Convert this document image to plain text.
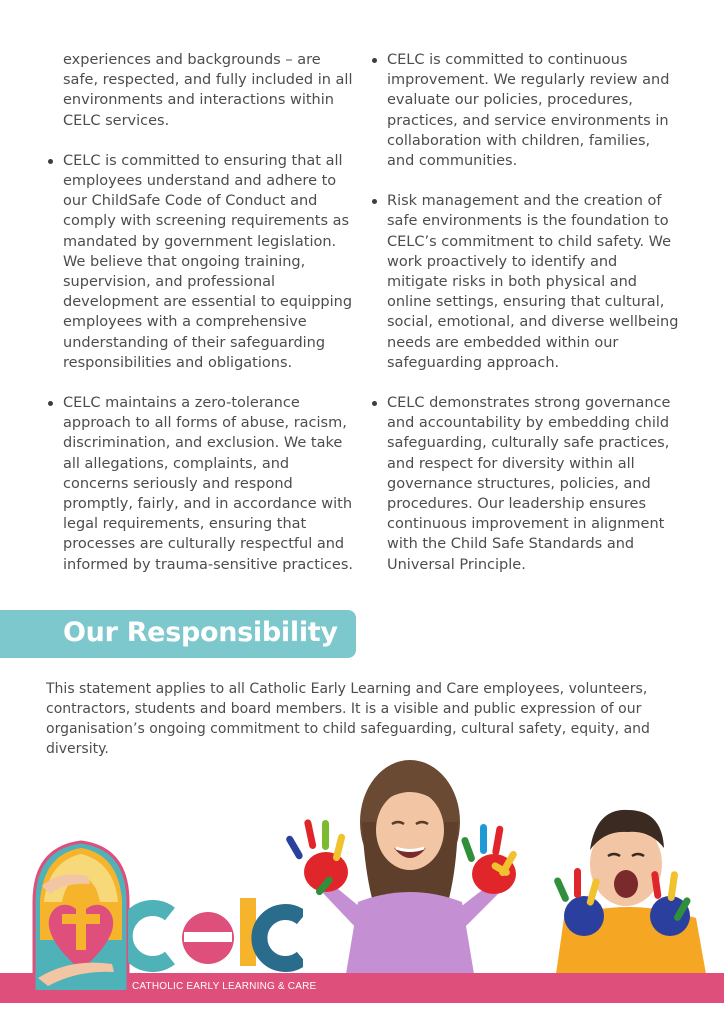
experiences and backgrounds – are safe, respected, and fully included in all environments and interactions within CELC services.

CELC is committed to ensuring that all employees understand and adhere to our ChildSafe Code of Conduct and comply with screening requirements as mandated by government legislation. We believe that ongoing training, supervision, and professional development are essential to equipping employees with a comprehensive understanding of their safeguarding responsibilities and obligations.
CELC maintains a zero-tolerance approach to all forms of abuse, racism, discrimination, and exclusion. We take all allegations, complaints, and concerns seriously and respond promptly, fairly, and in accordance with legal requirements, ensuring that processes are culturally respectful and informed by trauma-sensitive practices.
CELC is committed to continuous improvement. We regularly review and evaluate our policies, procedures, practices, and service environments in collaboration with children, families, and communities.
Risk management and the creation of safe environments is the foundation to CELC’s commitment to child safety. We work proactively to identify and mitigate risks in both physical and online settings, ensuring that cultural, social, emotional, and diverse wellbeing needs are embedded within our safeguarding approach.
CELC demonstrates strong governance and accountability by embedding child safeguarding, culturally safe practices, and respect for diversity within all governance structures, policies, and procedures. Our leadership ensures continuous improvement in alignment with the Child Safe Standards and Universal Principle.
Our Responsibility

This statement applies to all Catholic Early Learning and Care employees, volunteers, contractors, students and board members. It is a visible and public expression of our organisation’s ongoing commitment to child safeguarding, cultural safety, equity, and diversity.

CATHOLIC EARLY LEARNING & CARE
